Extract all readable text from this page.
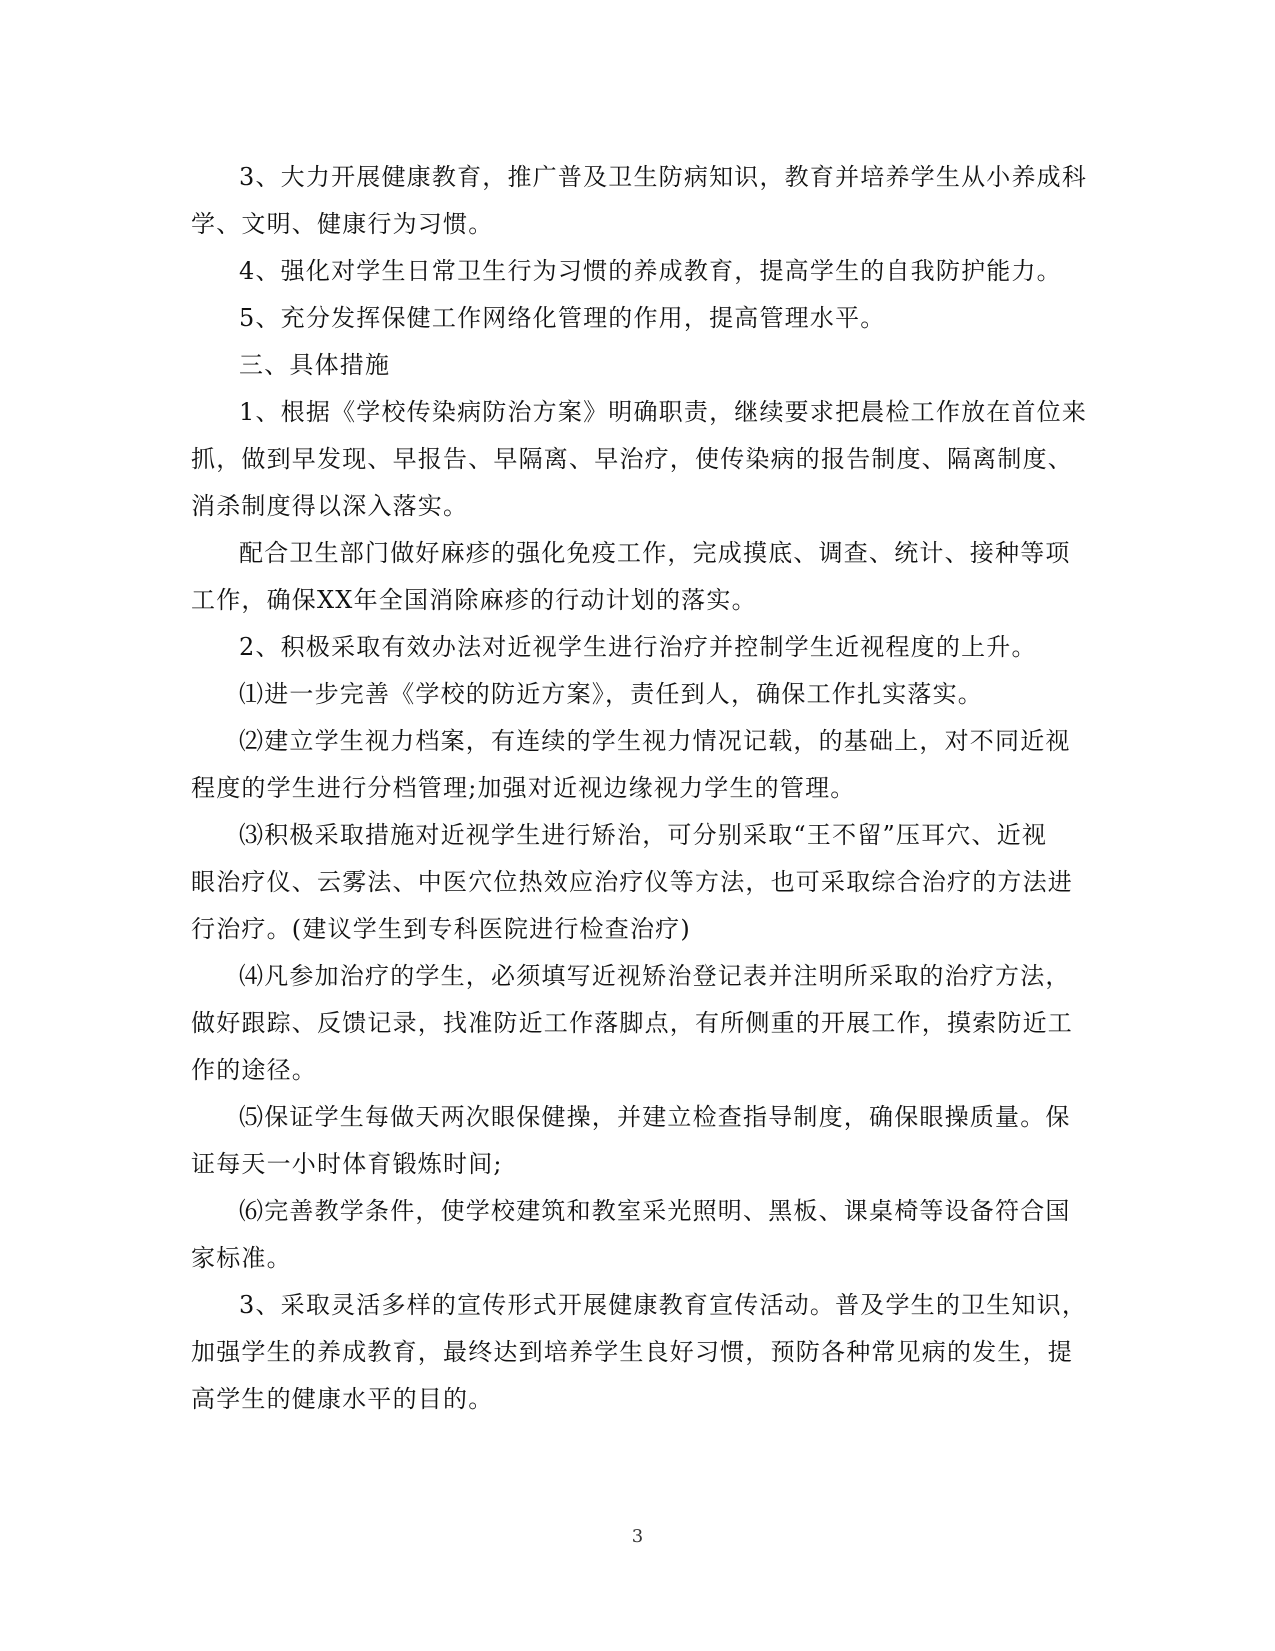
3、大力开展健康教育，推广普及卫生防病知识，教育并培养学生从小养成科
学、文明、健康行为习惯。

4、强化对学生日常卫生行为习惯的养成教育，提高学生的自我防护能力。

5、充分发挥保健工作网络化管理的作用，提高管理水平。

三、具体措施

1、根据《学校传染病防治方案》明确职责，继续要求把晨检工作放在首位来
抓，做到早发现、早报告、早隔离、早治疗，使传染病的报告制度、隔离制度、
消杀制度得以深入落实。

配合卫生部门做好麻疹的强化免疫工作，完成摸底、调查、统计、接种等项
工作，确保XX年全国消除麻疹的行动计划的落实。

2、积极采取有效办法对近视学生进行治疗并控制学生近视程度的上升。

⑴进一步完善《学校的防近方案》，责任到人，确保工作扎实落实。

⑵建立学生视力档案，有连续的学生视力情况记载，的基础上，对不同近视
程度的学生进行分档管理;加强对近视边缘视力学生的管理。

⑶积极采取措施对近视学生进行矫治，可分别采取“王不留”压耳穴、近视
眼治疗仪、云雾法、中医穴位热效应治疗仪等方法，也可采取综合治疗的方法进
行治疗。(建议学生到专科医院进行检查治疗)

⑷凡参加治疗的学生，必须填写近视矫治登记表并注明所采取的治疗方法，
做好跟踪、反馈记录，找准防近工作落脚点，有所侧重的开展工作，摸索防近工
作的途径。

⑸保证学生每做天两次眼保健操，并建立检查指导制度，确保眼操质量。保
证每天一小时体育锻炼时间;

⑹完善教学条件，使学校建筑和教室采光照明、黑板、课桌椅等设备符合国
家标准。

3、采取灵活多样的宣传形式开展健康教育宣传活动。普及学生的卫生知识，
加强学生的养成教育，最终达到培养学生良好习惯，预防各种常见病的发生，提
高学生的健康水平的目的。

3
